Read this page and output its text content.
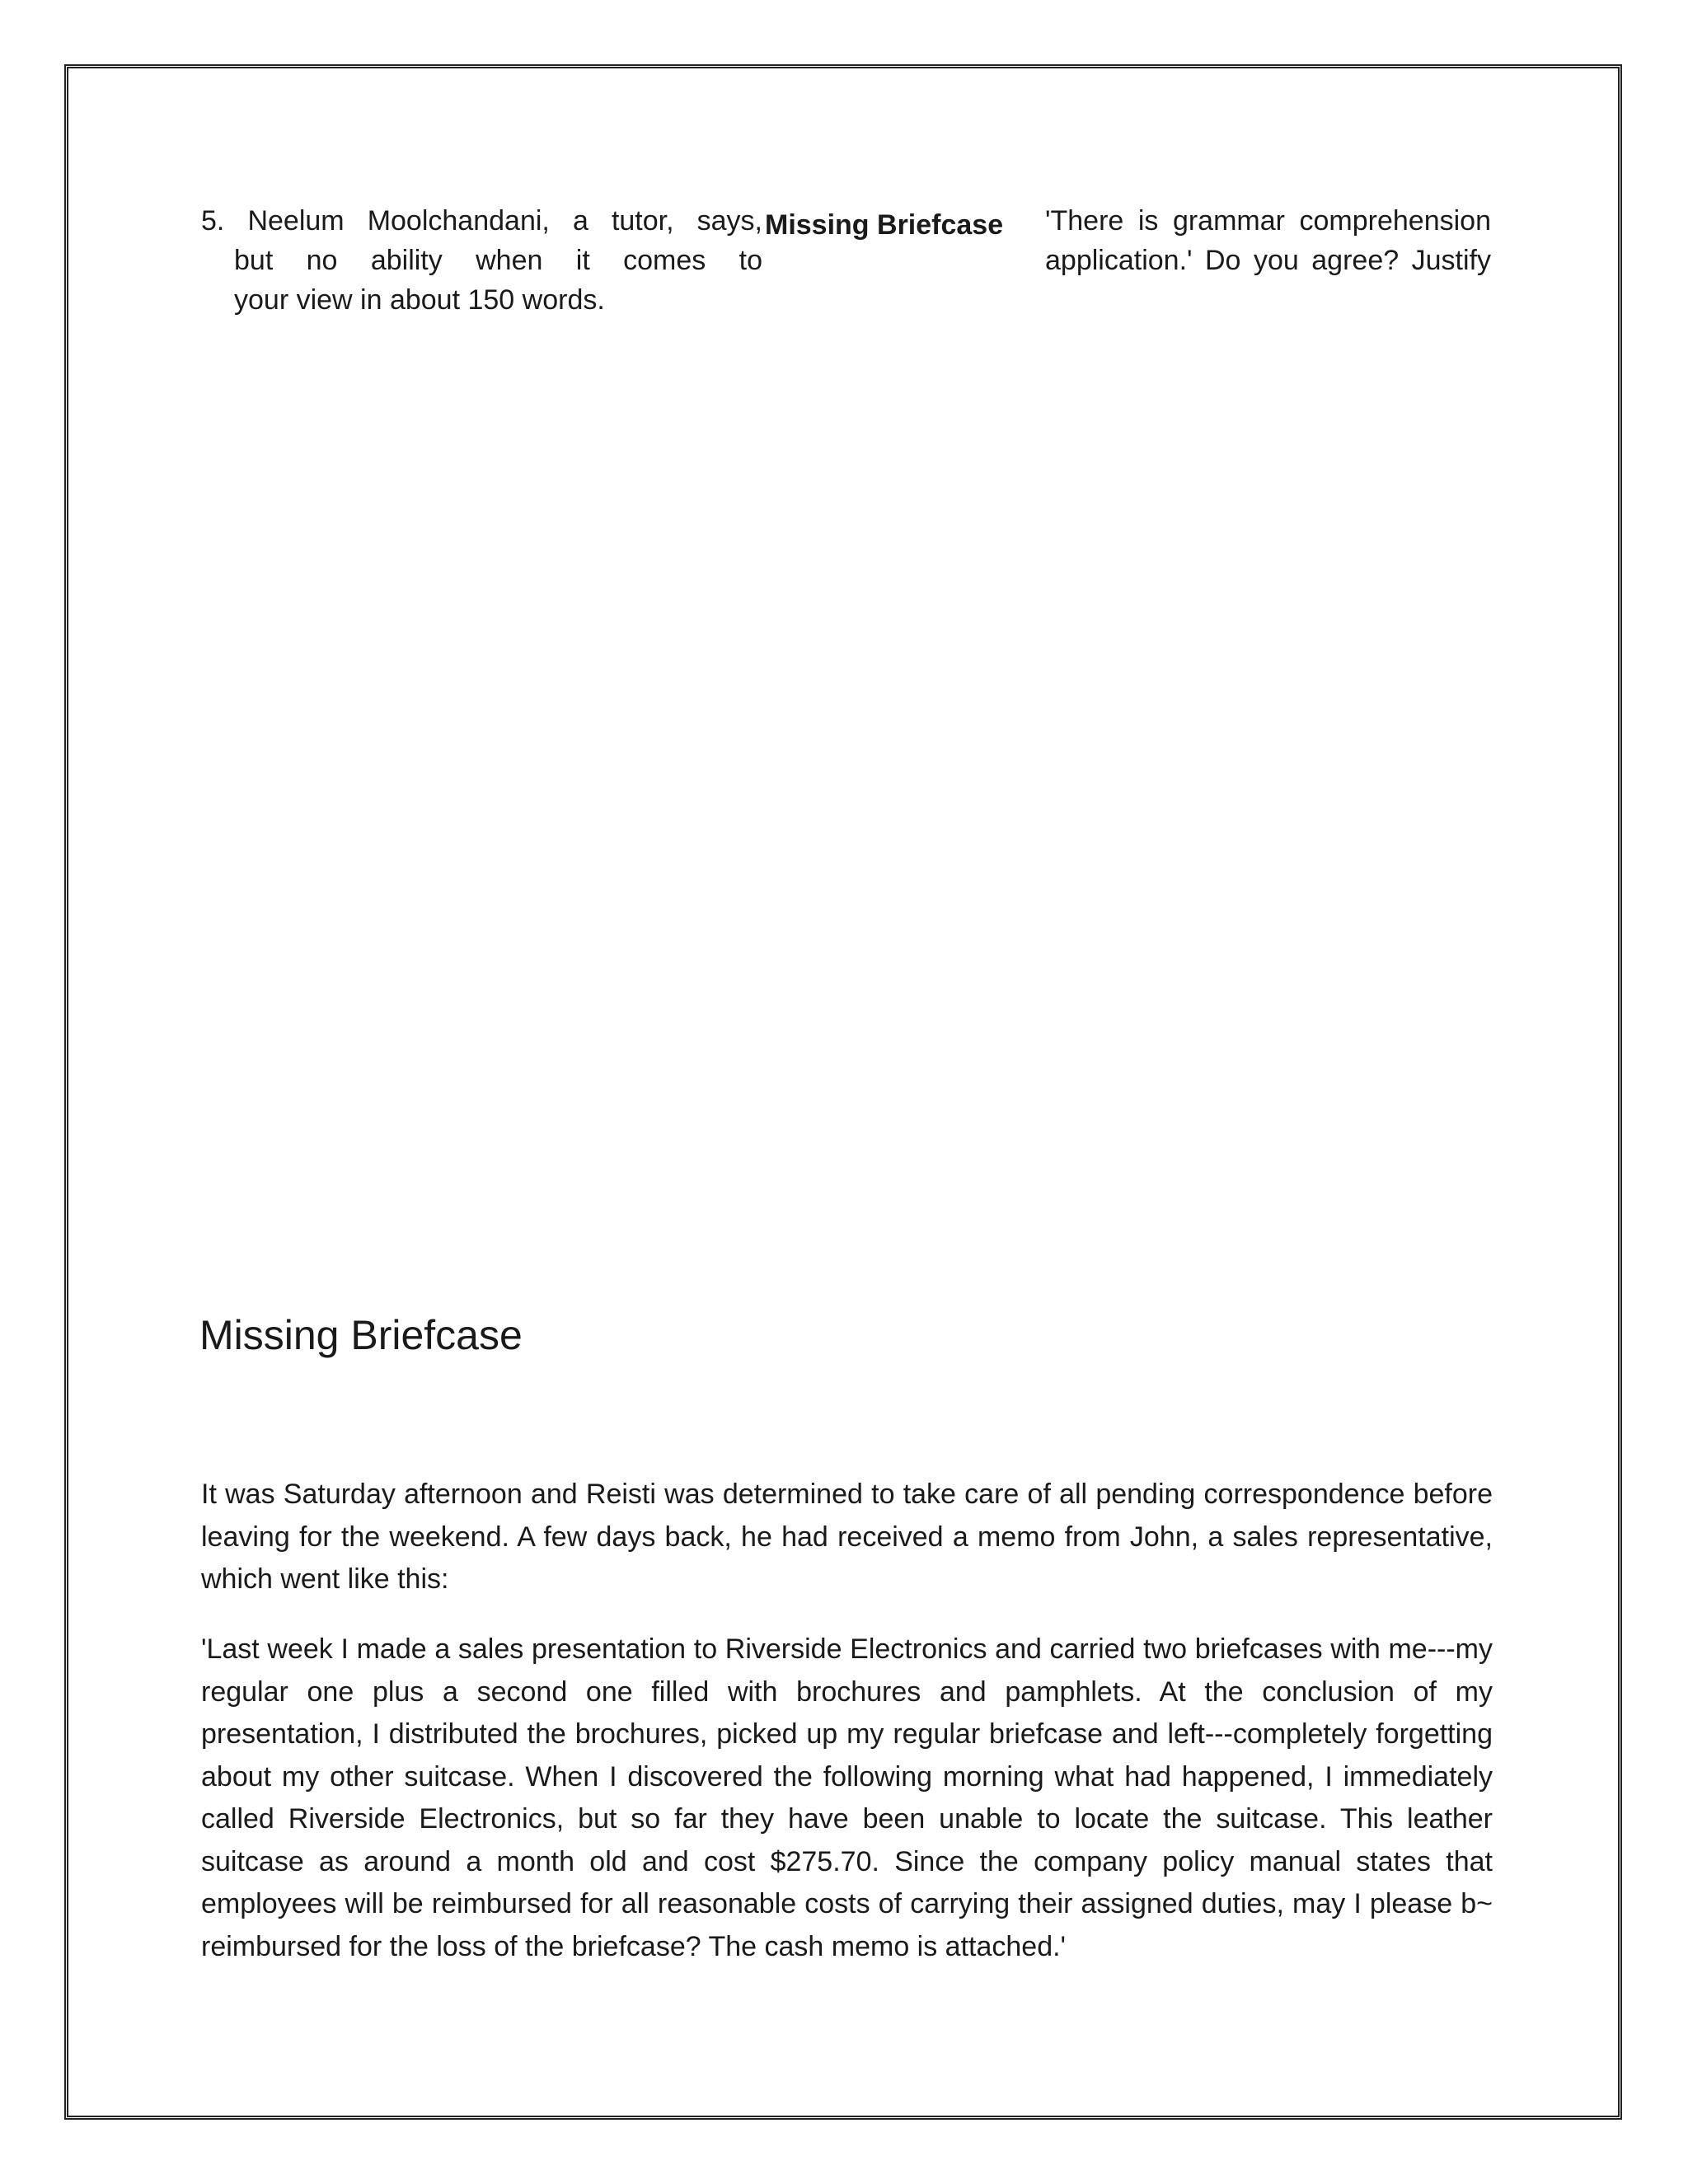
5. Neelum Moolchandani, a tutor, says,
but no ability when it comes to
Missing Briefcase 'There is grammar comprehension
application.' Do you agree? Justify
your view in about 150 words.
Missing Briefcase

It was Saturday afternoon and Reisti was determined to take care of all pending correspondence before leaving for the weekend. A few days back, he had received a memo from John, a sales representative, which went like this:

'Last week I made a sales presentation to Riverside Electronics and carried two briefcases with me---my regular one plus a second one filled with brochures and pamphlets. At the conclusion of my presentation, I distributed the brochures, picked up my regular briefcase and left---completely forgetting about my other suitcase. When I discovered the following morning what had happened, I immediately called Riverside Electronics, but so far they have been unable to locate the suitcase. This leather suitcase as around a month old and cost $275.70. Since the company policy manual states that employees will be reimbursed for all reasonable costs of carrying their assigned duties, may I please b~ reimbursed for the loss of the briefcase? The cash memo is attached.'
